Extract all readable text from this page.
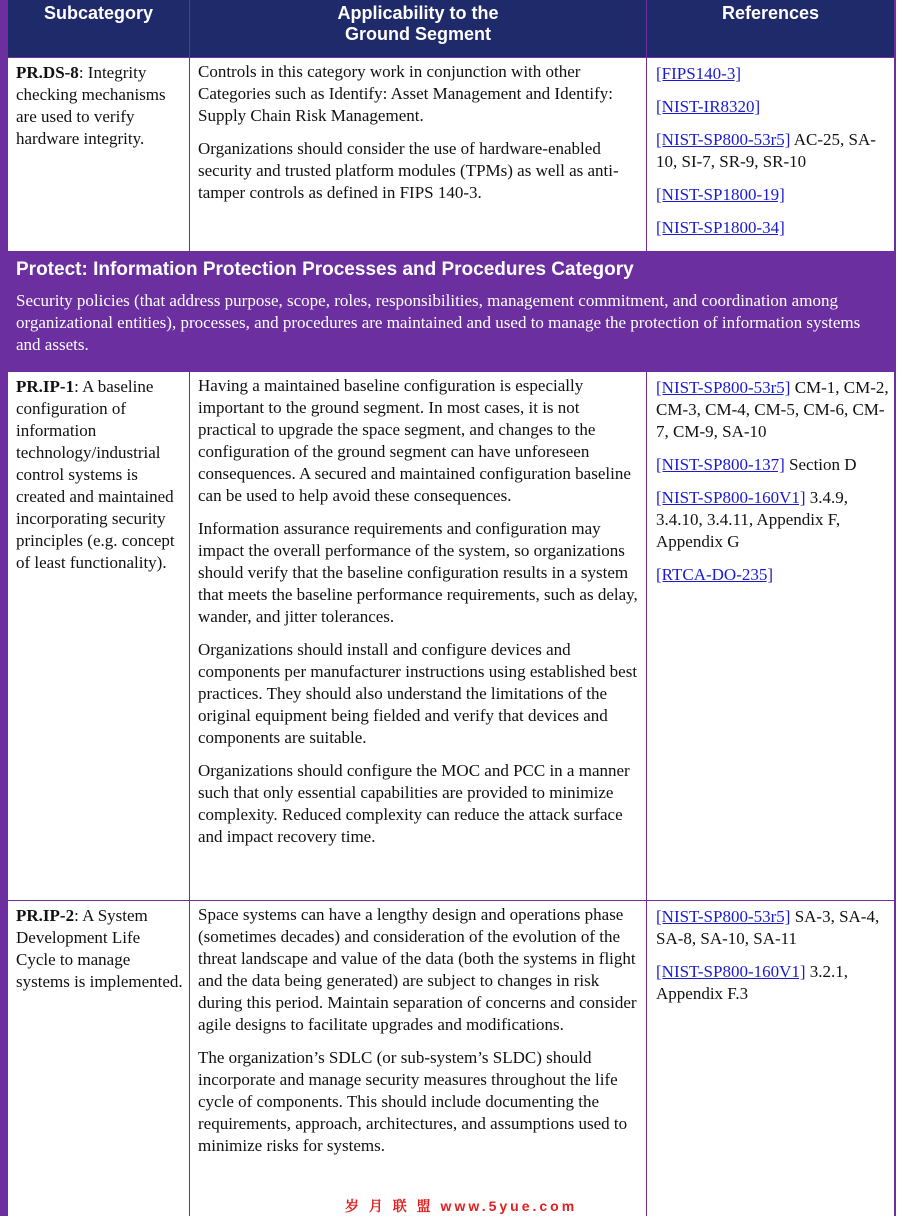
Subcategory	Applicability to the
Ground Segment
References
PR.DS-8: Integrity checking mechanisms are used to verify hardware integrity.

Controls in this category work in conjunction with other Categories such as Identify: Asset Management and Identify: Supply Chain Risk Management.

Organizations should consider the use of hardware-enabled security and trusted platform modules (TPMs) as well as anti-tamper controls as defined in FIPS 140-3.

[FIPS140-3]
[NIST-IR8320]
[NIST-SP800-53r5] AC-25, SA-10, SI-7, SR-9, SR-10
[NIST-SP1800-19]
[NIST-SP1800-34]
Protect: Information Protection Processes and Procedures Category
Security policies (that address purpose, scope, roles, responsibilities, management commitment, and coordination among organizational entities), processes, and procedures are maintained and used to manage the protection of information systems and assets.
PR.IP-1: A baseline configuration of information technology/industrial control systems is created and maintained incorporating security principles (e.g. concept of least functionality).

Having a maintained baseline configuration is especially important to the ground segment. In most cases, it is not practical to upgrade the space segment, and changes to the configuration of the ground segment can have unforeseen consequences. A secured and maintained configuration baseline can be used to help avoid these consequences.

Information assurance requirements and configuration may impact the overall performance of the system, so organizations should verify that the baseline configuration results in a system that meets the baseline performance requirements, such as delay, wander, and jitter tolerances.

Organizations should install and configure devices and components per manufacturer instructions using established best practices. They should also understand the limitations of the original equipment being fielded and verify that devices and components are suitable.

Organizations should configure the MOC and PCC in a manner such that only essential capabilities are provided to minimize complexity. Reduced complexity can reduce the attack surface and impact recovery time.

[NIST-SP800-53r5] CM-1, CM-2, CM-3, CM-4, CM-5, CM-6, CM-7, CM-9, SA-10
[NIST-SP800-137] Section D
[NIST-SP800-160V1] 3.4.9, 3.4.10, 3.4.11, Appendix F, Appendix G
[RTCA-DO-235]
PR.IP-2: A System Development Life Cycle to manage systems is implemented.

Space systems can have a lengthy design and operations phase (sometimes decades) and consideration of the evolution of the threat landscape and value of the data (both the systems in flight and the data being generated) are subject to changes in risk during this period. Maintain separation of concerns and consider agile designs to facilitate upgrades and modifications.

The organization’s SDLC (or sub-system’s SLDC) should incorporate and manage security measures throughout the life cycle of components. This should include documenting the requirements, approach, architectures, and assumptions used to minimize risks for systems.

[NIST-SP800-53r5] SA-3, SA-4, SA-8, SA-10, SA-11
[NIST-SP800-160V1] 3.2.1, Appendix F.3
岁 月 联 盟 www.5yue.com
